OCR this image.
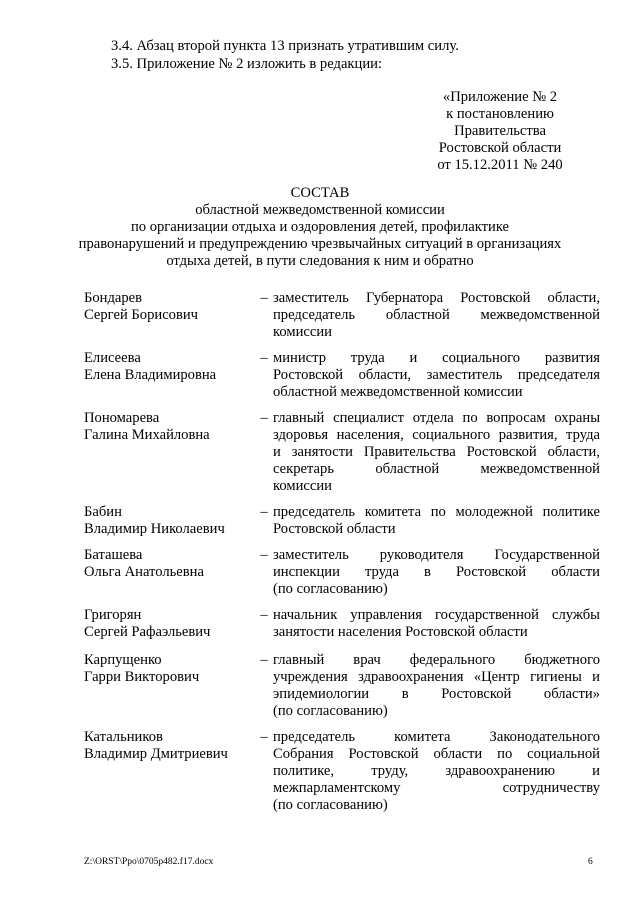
3.4. Абзац второй пункта 13 признать утратившим силу.
3.5. Приложение № 2 изложить в редакции:
«Приложение № 2
к постановлению
Правительства
Ростовской области
от 15.12.2011 № 240
СОСТАВ
областной межведомственной комиссии
по организации отдыха и оздоровления детей, профилактике
правонарушений и предупреждению чрезвычайных ситуаций в организациях
отдыха детей, в пути следования к ним и обратно
Бондарев
Сергей Борисович
– заместитель Губернатора Ростовской области,
председатель областной межведомственной
комиссии
Елисеева
Елена Владимировна
– министр труда и социального развития
Ростовской области, заместитель председателя
областной межведомственной комиссии
Пономарева
Галина Михайловна
– главный специалист отдела по вопросам охраны
здоровья населения, социального развития, труда
и занятости Правительства Ростовской области,
секретарь областной межведомственной
комиссии
Бабин
Владимир Николаевич
– председатель комитета по молодежной политике
Ростовской области
Баташева
Ольга Анатольевна
– заместитель руководителя Государственной
инспекции труда в Ростовской области
(по согласованию)
Григорян
Сергей Рафаэльевич
– начальник управления государственной службы
занятости населения Ростовской области
Карпущенко
Гарри Викторович
– главный врач федерального бюджетного
учреждения здравоохранения «Центр гигиены и
эпидемиологии в Ростовской области»
(по согласованию)
Катальников
Владимир Дмитриевич
– председатель комитета Законодательного
Собрания Ростовской области по социальной
политике, труду, здравоохранению и
межпарламентскому сотрудничеству
(по согласованию)
Z:\ORST\Ppo\0705p482.f17.docx	6
